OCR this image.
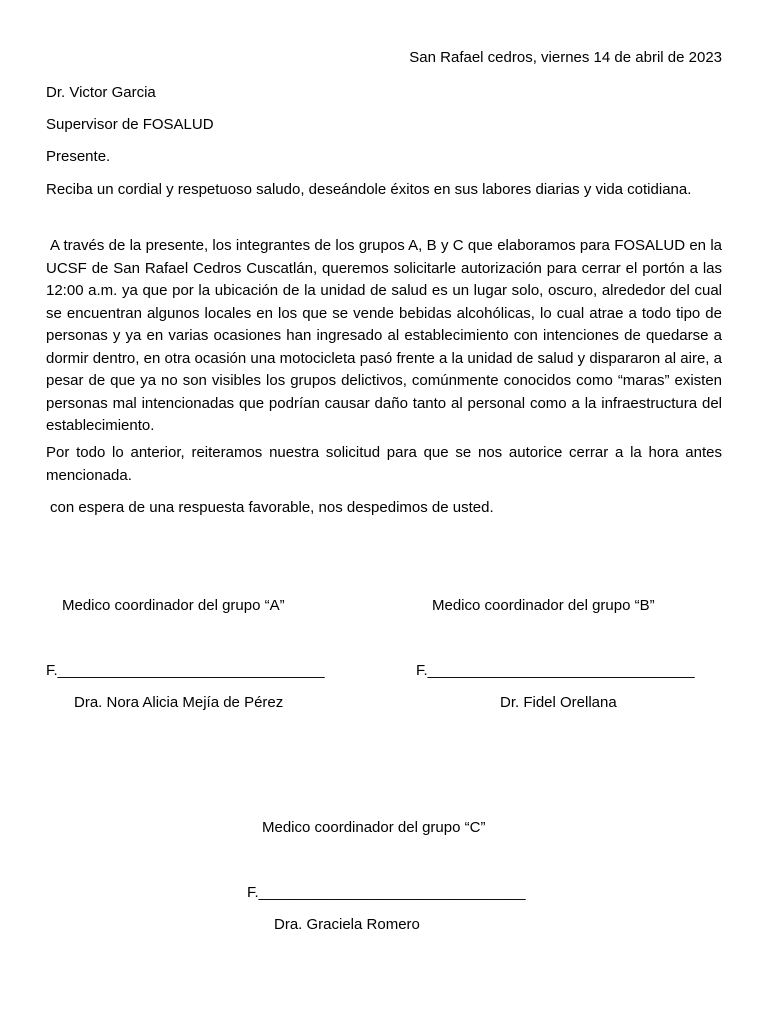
San Rafael cedros, viernes 14 de abril de 2023
Dr. Victor Garcia
Supervisor de FOSALUD
Presente.

Reciba un cordial y respetuoso saludo, deseándole éxitos en sus labores diarias y vida cotidiana.

A través de la presente, los integrantes de los grupos A, B y C que elaboramos para FOSALUD en la UCSF de San Rafael Cedros Cuscatlán, queremos solicitarle autorización para cerrar el portón a las 12:00 a.m. ya que por la ubicación de la unidad de salud es un lugar solo, oscuro, alrededor del cual se encuentran algunos locales en los que se vende bebidas alcohólicas, lo cual atrae a todo tipo de personas y ya en varias ocasiones han ingresado al establecimiento con intenciones de quedarse a dormir dentro, en otra ocasión una motocicleta pasó frente a la unidad de salud y dispararon al aire, a pesar de que ya no son visibles los grupos delictivos, comúnmente conocidos como “maras” existen personas mal intencionadas que podrían causar daño tanto al personal como a la infraestructura del establecimiento.

Por todo lo anterior, reiteramos nuestra solicitud para que se nos autorice cerrar a la hora antes mencionada.

con espera de una respuesta favorable, nos despedimos de usted.
Medico coordinador del grupo “A”
F.________________________________
Dra. Nora Alicia Mejía de Pérez
Medico coordinador del grupo “B”
F.________________________________
Dr. Fidel Orellana
Medico coordinador del grupo “C”
F.________________________________
Dra. Graciela Romero
